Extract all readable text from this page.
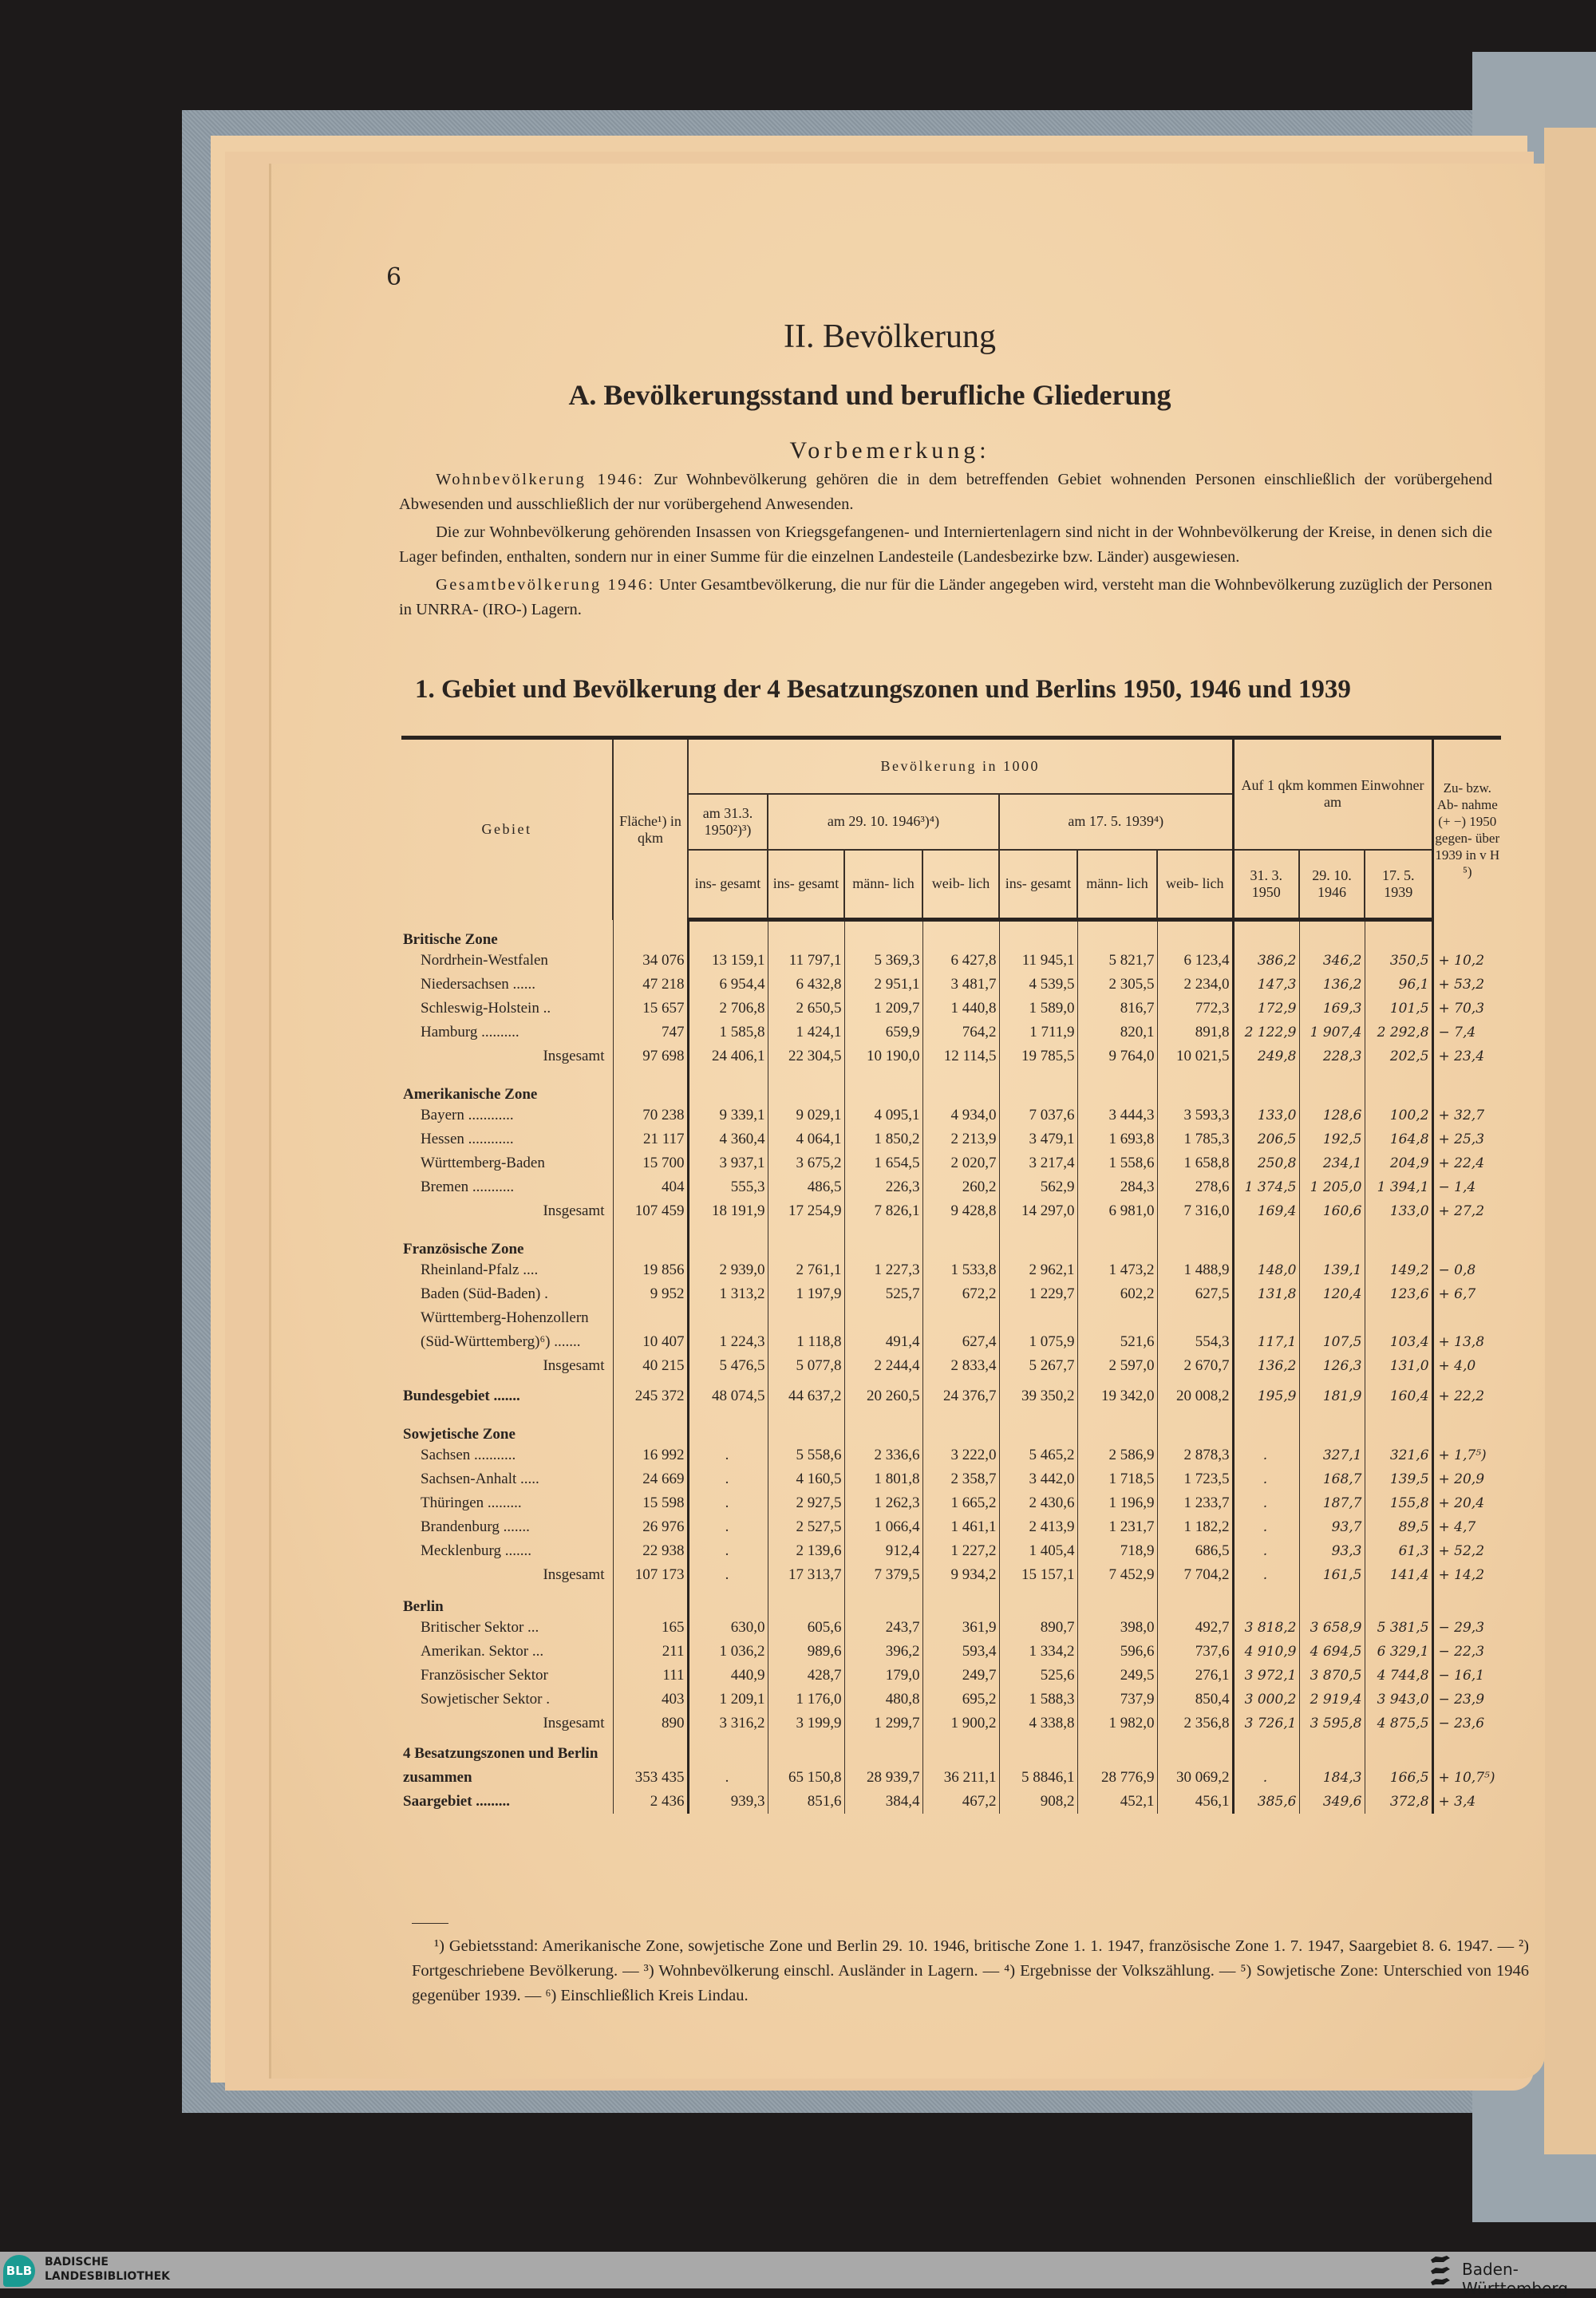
6
II. Bevölkerung
A. Bevölkerungsstand und berufliche Gliederung
Vorbemerkung:

Wohnbevölkerung 1946: Zur Wohnbevölkerung gehören die in dem betreffenden Gebiet wohnenden Personen einschließlich der vorübergehend Abwesenden und ausschließlich der nur vorübergehend Anwesenden.

Die zur Wohnbevölkerung gehörenden Insassen von Kriegsgefangenen- und Interniertenlagern sind nicht in der Wohnbevölkerung der Kreise, in denen sich die Lager befinden, enthalten, sondern nur in einer Summe für die einzelnen Landesteile (Landesbezirke bzw. Länder) ausgewiesen.

Gesamtbevölkerung 1946: Unter Gesamtbevölkerung, die nur für die Länder angegeben wird, versteht man die Wohnbevölkerung zuzüglich der Personen in UNRRA- (IRO-) Lagern.

1. Gebiet und Bevölkerung der 4 Besatzungszonen und Berlins 1950, 1946 und 1939
Gebiet	Fläche¹) in qkm	Bevölkerung in 1000							Auf 1 qkm kommen Einwohner am			Zu- bzw. Ab- nahme (+ −) 1950 gegen- über 1939 in v H ⁵)
		am 31.3. 1950²)³)	am 29. 10. 1946³)⁴)			am 17. 5. 1939⁴)						
		ins- gesamt	ins- gesamt	männ- lich	weib- lich	ins- gesamt	männ- lich	weib- lich	31. 3. 1950	29. 10. 1946	17. 5. 1939	
Britische Zone												
Nordrhein-Westfalen	34 076	13 159,1	11 797,1	5 369,3	6 427,8	11 945,1	5 821,7	6 123,4	386,2	346,2	350,5	+ 10,2
Niedersachsen ......	47 218	6 954,4	6 432,8	2 951,1	3 481,7	4 539,5	2 305,5	2 234,0	147,3	136,2	96,1	+ 53,2
Schleswig-Holstein ..	15 657	2 706,8	2 650,5	1 209,7	1 440,8	1 589,0	816,7	772,3	172,9	169,3	101,5	+ 70,3
Hamburg ..........	747	1 585,8	1 424,1	659,9	764,2	1 711,9	820,1	891,8	2 122,9	1 907,4	2 292,8	− 7,4
Insgesamt	97 698	24 406,1	22 304,5	10 190,0	12 114,5	19 785,5	9 764,0	10 021,5	249,8	228,3	202,5	+ 23,4

Amerikanische Zone												
Bayern ............	70 238	9 339,1	9 029,1	4 095,1	4 934,0	7 037,6	3 444,3	3 593,3	133,0	128,6	100,2	+ 32,7
Hessen ............	21 117	4 360,4	4 064,1	1 850,2	2 213,9	3 479,1	1 693,8	1 785,3	206,5	192,5	164,8	+ 25,3
Württemberg-Baden	15 700	3 937,1	3 675,2	1 654,5	2 020,7	3 217,4	1 558,6	1 658,8	250,8	234,1	204,9	+ 22,4
Bremen ...........	404	555,3	486,5	226,3	260,2	562,9	284,3	278,6	1 374,5	1 205,0	1 394,1	− 1,4
Insgesamt	107 459	18 191,9	17 254,9	7 826,1	9 428,8	14 297,0	6 981,0	7 316,0	169,4	160,6	133,0	+ 27,2

Französische Zone												
Rheinland-Pfalz ....	19 856	2 939,0	2 761,1	1 227,3	1 533,8	2 962,1	1 473,2	1 488,9	148,0	139,1	149,2	− 0,8
Baden (Süd-Baden) .	9 952	1 313,2	1 197,9	525,7	672,2	1 229,7	602,2	627,5	131,8	120,4	123,6	+ 6,7
Württemberg-Hohenzollern (Süd-Württemberg)⁶) .......	10 407	1 224,3	1 118,8	491,4	627,4	1 075,9	521,6	554,3	117,1	107,5	103,4	+ 13,8
Insgesamt	40 215	5 476,5	5 077,8	2 244,4	2 833,4	5 267,7	2 597,0	2 670,7	136,2	126,3	131,0	+ 4,0

Bundesgebiet .......	245 372	48 074,5	44 637,2	20 260,5	24 376,7	39 350,2	19 342,0	20 008,2	195,9	181,9	160,4	+ 22,2

Sowjetische Zone												
Sachsen ...........	16 992	.	5 558,6	2 336,6	3 222,0	5 465,2	2 586,9	2 878,3	.	327,1	321,6	+ 1,7⁵)
Sachsen-Anhalt .....	24 669	.	4 160,5	1 801,8	2 358,7	3 442,0	1 718,5	1 723,5	.	168,7	139,5	+ 20,9
Thüringen .........	15 598	.	2 927,5	1 262,3	1 665,2	2 430,6	1 196,9	1 233,7	.	187,7	155,8	+ 20,4
Brandenburg .......	26 976	.	2 527,5	1 066,4	1 461,1	2 413,9	1 231,7	1 182,2	.	93,7	89,5	+ 4,7
Mecklenburg .......	22 938	.	2 139,6	912,4	1 227,2	1 405,4	718,9	686,5	.	93,3	61,3	+ 52,2
Insgesamt	107 173	.	17 313,7	7 379,5	9 934,2	15 157,1	7 452,9	7 704,2	.	161,5	141,4	+ 14,2
Berlin												
Britischer Sektor ...	165	630,0	605,6	243,7	361,9	890,7	398,0	492,7	3 818,2	3 658,9	5 381,5	− 29,3
Amerikan. Sektor ...	211	1 036,2	989,6	396,2	593,4	1 334,2	596,6	737,6	4 910,9	4 694,5	6 329,1	− 22,3
Französischer Sektor	111	440,9	428,7	179,0	249,7	525,6	249,5	276,1	3 972,1	3 870,5	4 744,8	− 16,1
Sowjetischer Sektor .	403	1 209,1	1 176,0	480,8	695,2	1 588,3	737,9	850,4	3 000,2	2 919,4	3 943,0	− 23,9
Insgesamt	890	3 316,2	3 199,9	1 299,7	1 900,2	4 338,8	1 982,0	2 356,8	3 726,1	3 595,8	4 875,5	− 23,6

4 Besatzungszonen und Berlin zusammen	353 435	.	65 150,8	28 939,7	36 211,1	5 8846,1	28 776,9	30 069,2	.	184,3	166,5	+ 10,7⁵)
Saargebiet .........	2 436	939,3	851,6	384,4	467,2	908,2	452,1	456,1	385,6	349,6	372,8	+ 3,4
¹) Gebietsstand: Amerikanische Zone, sowjetische Zone und Berlin 29. 10. 1946, britische Zone 1. 1. 1947, französische Zone 1. 7. 1947, Saargebiet 8. 6. 1947. — ²) Fortgeschriebene Bevölkerung. — ³) Wohnbevölkerung einschl. Ausländer in Lagern. — ⁴) Ergebnisse der Volkszählung. — ⁵) Sowjetische Zone: Unterschied von 1946 gegenüber 1939. — ⁶) Einschließlich Kreis Lindau.
BLB
BADISCHE
LANDESBIBLIOTHEK	Baden-Württemberg
